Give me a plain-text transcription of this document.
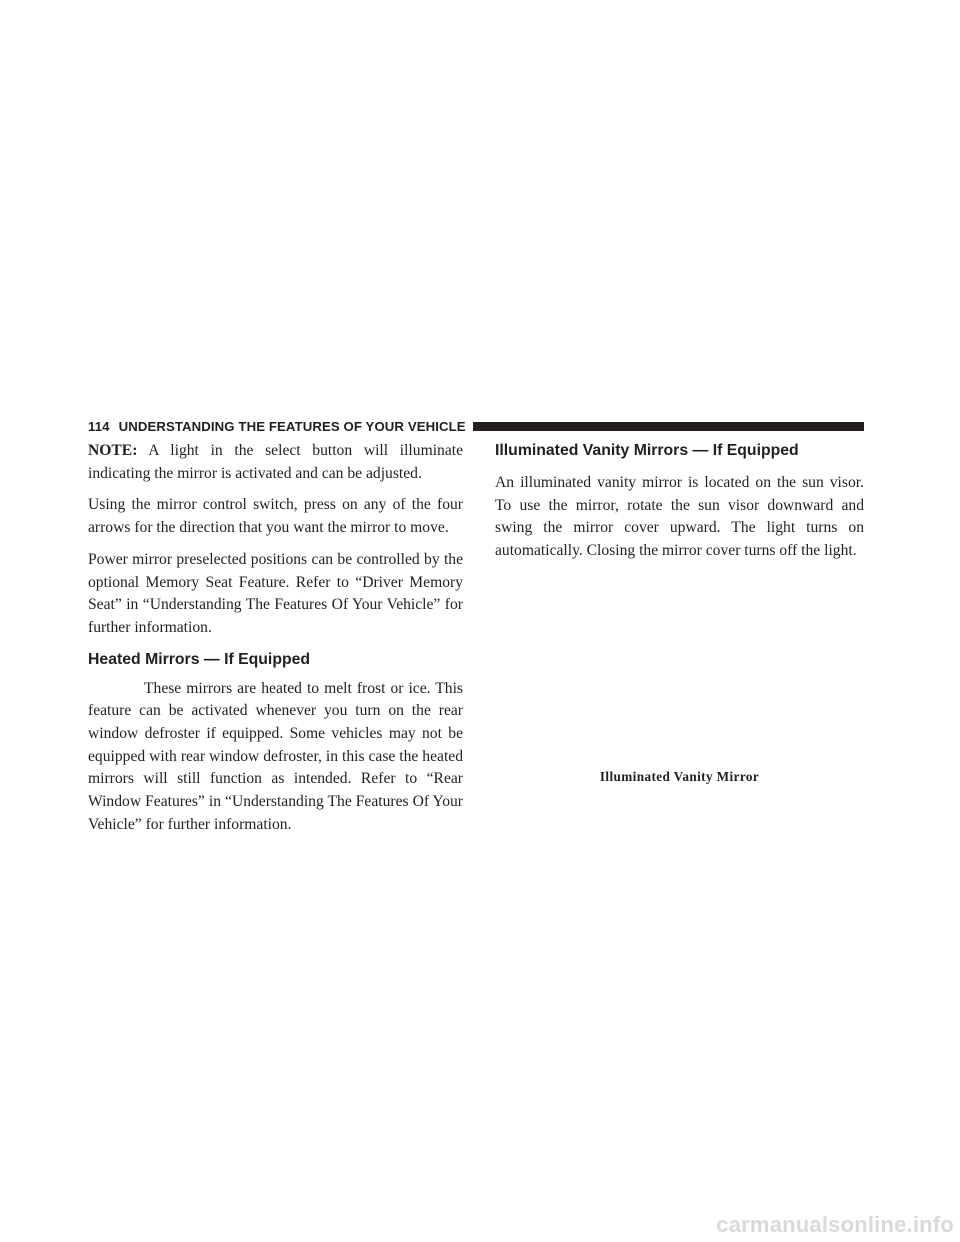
114 UNDERSTANDING THE FEATURES OF YOUR VEHICLE

NOTE: A light in the select button will illuminate indicating the mirror is activated and can be adjusted.

Using the mirror control switch, press on any of the four arrows for the direction that you want the mirror to move.

Power mirror preselected positions can be controlled by the optional Memory Seat Feature. Refer to “Driver Memory Seat” in “Understanding The Features Of Your Vehicle” for further information.

Heated Mirrors — If Equipped

These mirrors are heated to melt frost or ice. This feature can be activated whenever you turn on the rear window defroster if equipped. Some vehicles may not be equipped with rear window defroster, in this case the heated mirrors will still function as intended. Refer to “Rear Window Features” in “Understanding The Features Of Your Vehicle” for further information.

Illuminated Vanity Mirrors — If Equipped

An illuminated vanity mirror is located on the sun visor. To use the mirror, rotate the sun visor downward and swing the mirror cover upward. The light turns on automatically. Closing the mirror cover turns off the light.

Illuminated Vanity Mirror
carmanualsonline.info
